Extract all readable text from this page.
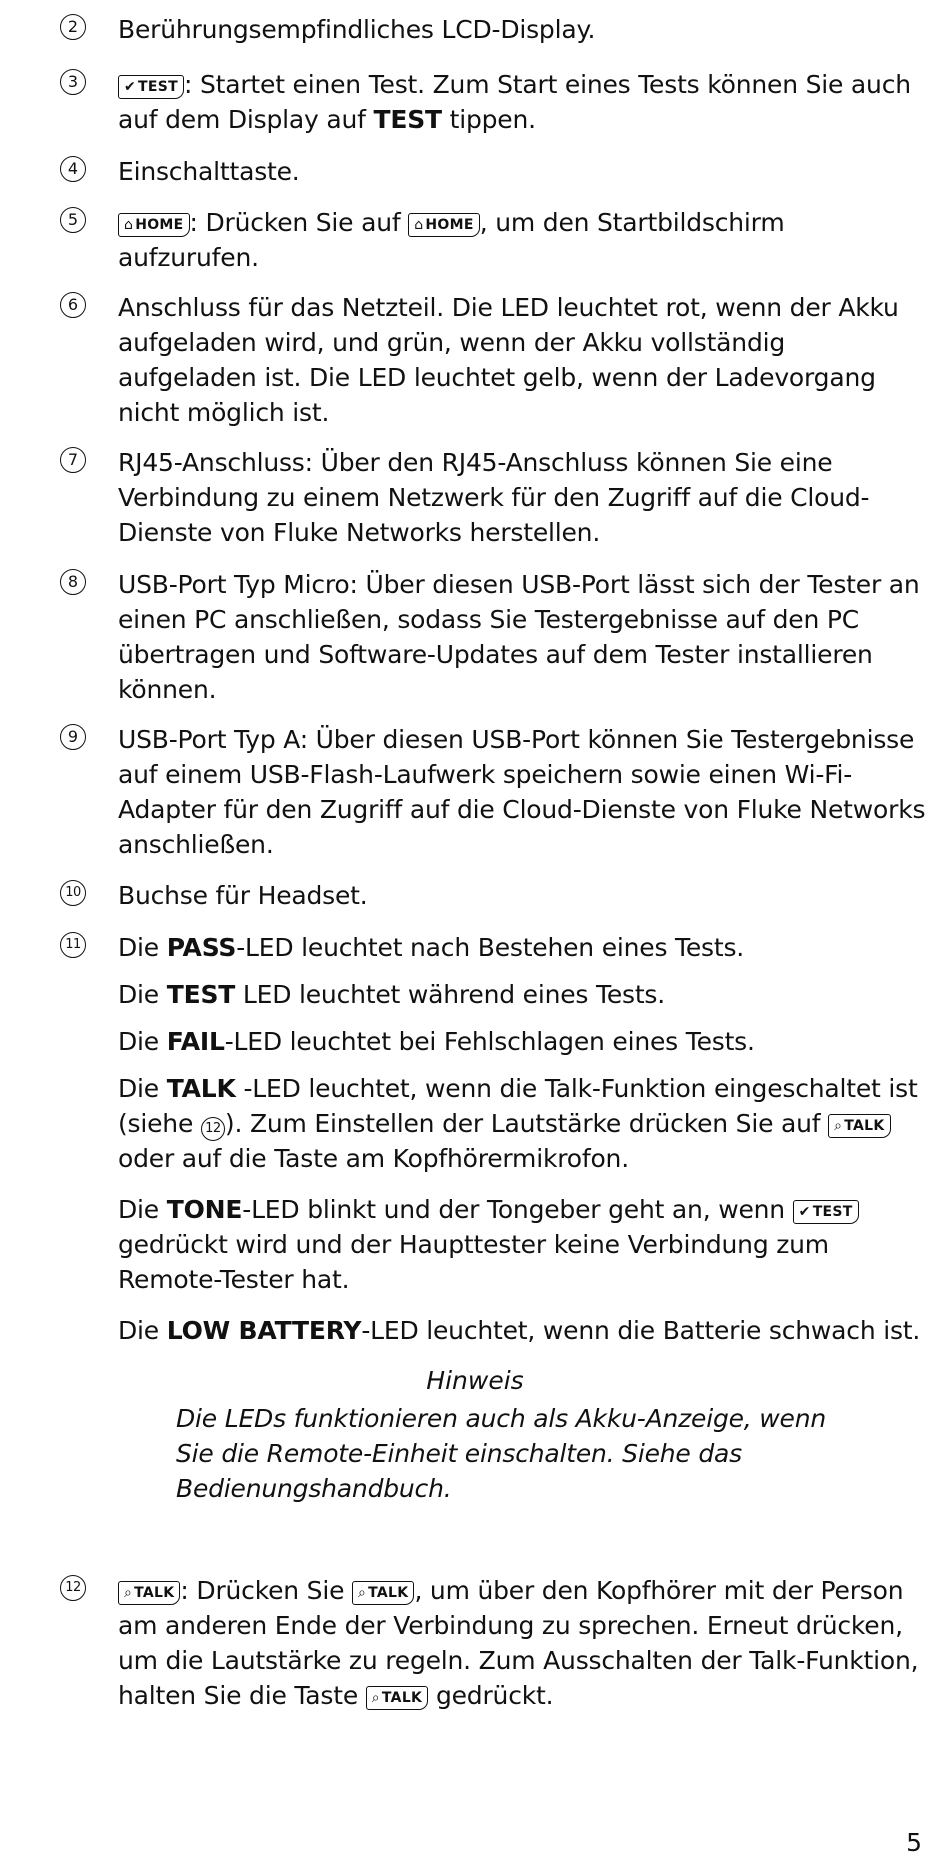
2	Berührungsempfindliches LCD-Display.
3	✔ TEST : Startet einen Test. Zum Start eines Tests können Sie auch auf dem Display auf TEST tippen.
4	Einschalttaste.
5	⌂ HOME : Drücken Sie auf ⌂ HOME , um den Startbildschirm aufzurufen.
6	Anschluss für das Netzteil. Die LED leuchtet rot, wenn der Akku aufgeladen wird, und grün, wenn der Akku vollständig aufgeladen ist. Die LED leuchtet gelb, wenn der Ladevorgang nicht möglich ist.
7	RJ45-Anschluss: Über den RJ45-Anschluss können Sie eine Verbindung zu einem Netzwerk für den Zugriff auf die Cloud-Dienste von Fluke Networks herstellen.
8	USB-Port Typ Micro: Über diesen USB-Port lässt sich der Tester an einen PC anschließen, sodass Sie Testergebnisse auf den PC übertragen und Software-Updates auf dem Tester installieren können.
9	USB-Port Typ A: Über diesen USB-Port können Sie Testergebnisse auf einem USB-Flash-Laufwerk speichern sowie einen Wi-Fi-Adapter für den Zugriff auf die Cloud-Dienste von Fluke Networks anschließen.
10 Buchse für Headset.
11 Die PASS-LED leuchtet nach Bestehen eines Tests.
Die TEST LED leuchtet während eines Tests.
Die FAIL-LED leuchtet bei Fehlschlagen eines Tests.
Die TALK -LED leuchtet, wenn die Talk-Funktion eingeschaltet ist (siehe 12 ). Zum Einstellen der Lautstärke drücken Sie auf ⌕ TALK oder auf die Taste am Kopfhörermikrofon.
Die TONE-LED blinkt und der Tongeber geht an, wenn ✔ TEST gedrückt wird und der Haupttester keine Verbindung zum Remote-Tester hat.
Die LOW BATTERY-LED leuchtet, wenn die Batterie schwach ist.
Hinweis
Die LEDs funktionieren auch als Akku-Anzeige, wenn Sie die Remote-Einheit einschalten. Siehe das Bedienungshandbuch.
12	⌕ TALK : Drücken Sie ⌕ TALK , um über den Kopfhörer mit der Person am anderen Ende der Verbindung zu sprechen. Erneut drücken, um die Lautstärke zu regeln. Zum Ausschalten der Talk-Funktion, halten Sie die Taste ⌕ TALK gedrückt.
5
